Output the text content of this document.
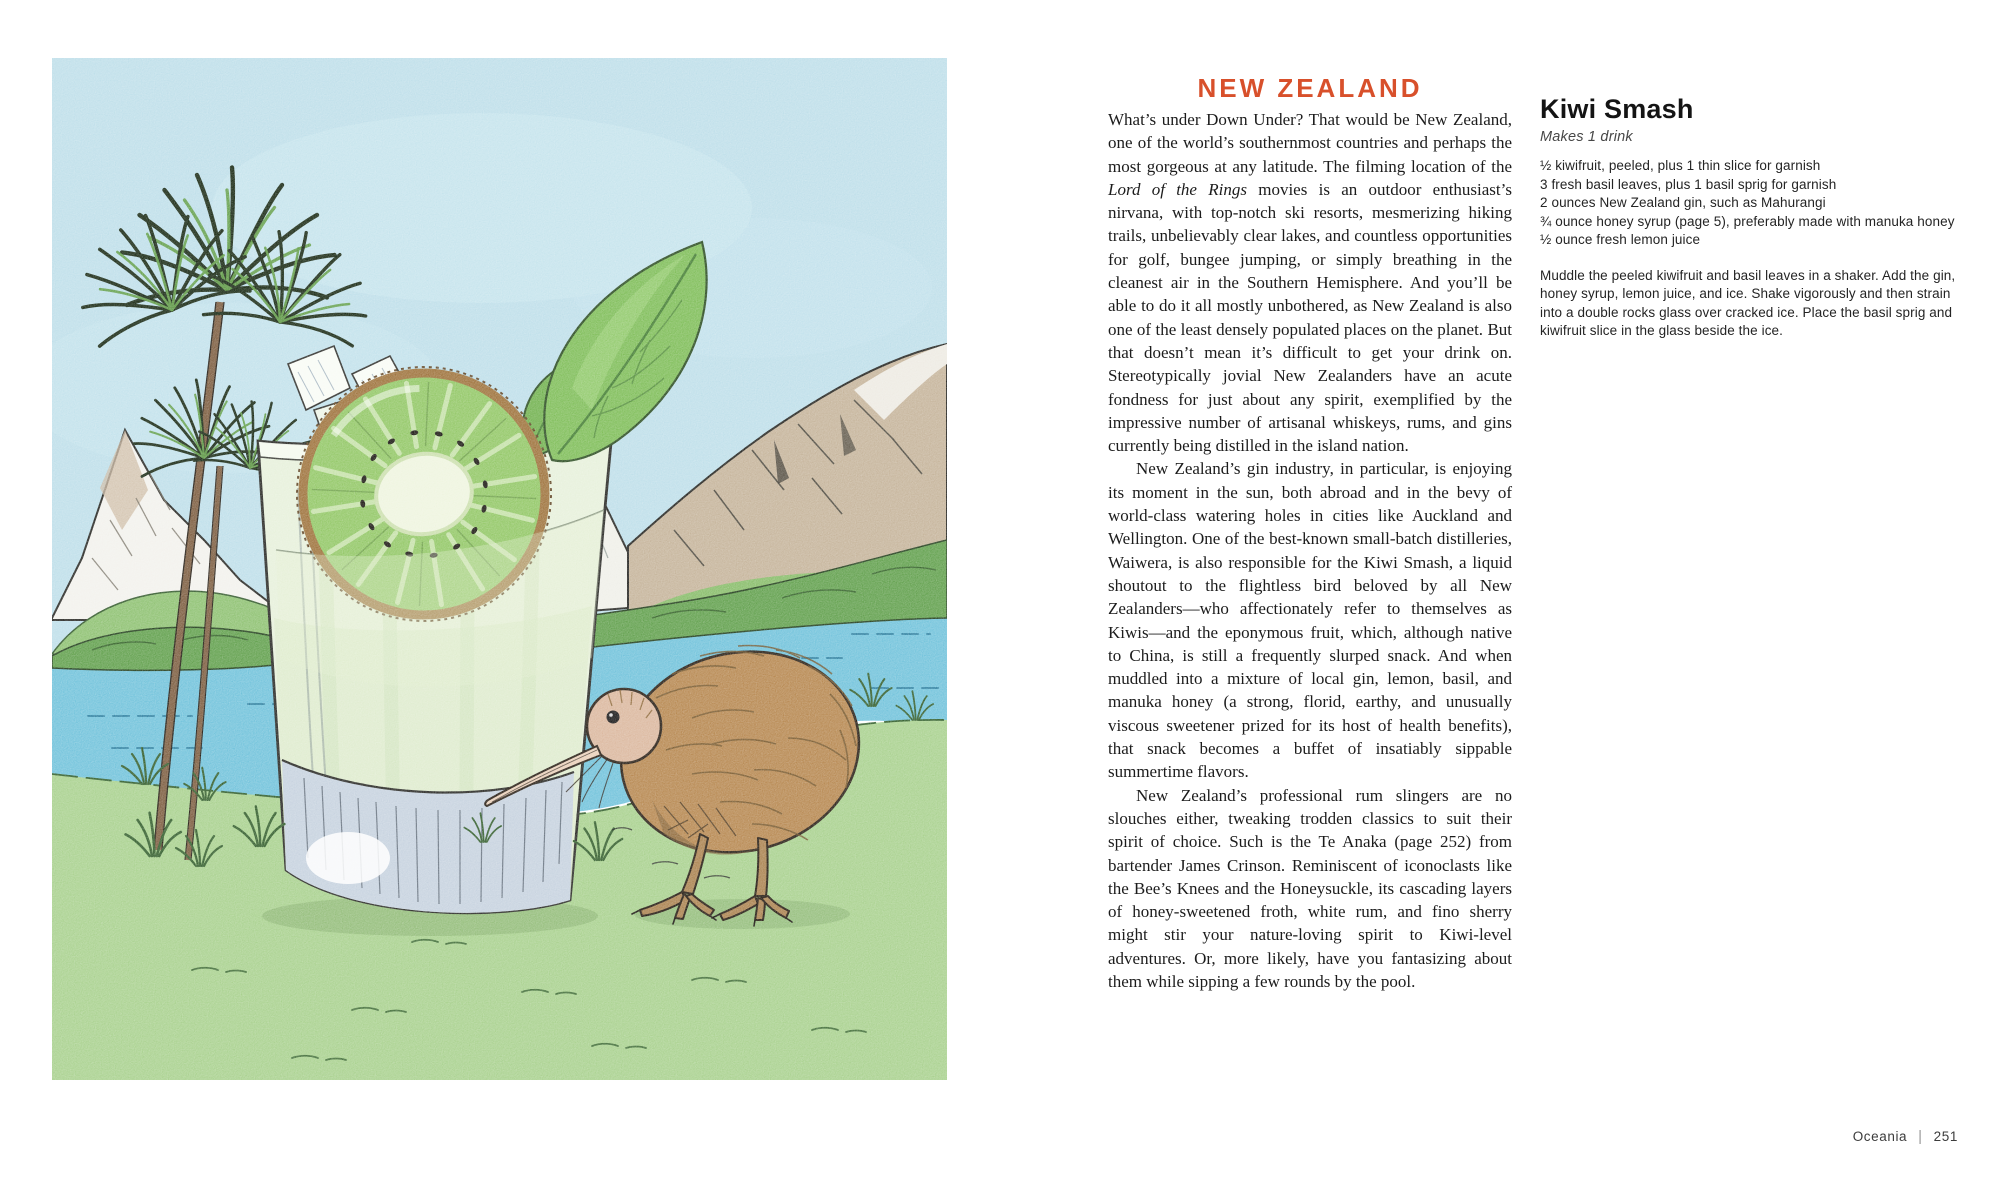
NEW ZEALAND

What’s under Down Under? That would be New Zealand, one of the world’s southernmost countries and perhaps the most gorgeous at any latitude. The filming location of the Lord of the Rings movies is an outdoor enthusiast’s nirvana, with top-notch ski resorts, mesmerizing hiking trails, unbelievably clear lakes, and countless opportunities for golf, bungee jumping, or simply breathing in the cleanest air in the Southern Hemisphere. And you’ll be able to do it all mostly unbothered, as New Zealand is also one of the least densely populated places on the planet. But that doesn’t mean it’s difficult to get your drink on. Stereotypically jovial New Zealanders have an acute fondness for just about any spirit, exemplified by the impressive number of artisanal whiskeys, rums, and gins currently being distilled in the island nation.

New Zealand’s gin industry, in particular, is enjoying its moment in the sun, both abroad and in the bevy of world-class watering holes in cities like Auckland and Wellington. One of the best-known small-batch distilleries, Waiwera, is also responsible for the Kiwi Smash, a liquid shoutout to the flightless bird beloved by all New Zealanders—who affectionately refer to themselves as Kiwis—and the eponymous fruit, which, although native to China, is still a frequently slurped snack. And when muddled into a mixture of local gin, lemon, basil, and manuka honey (a strong, florid, earthy, and unusually viscous sweetener prized for its host of health benefits), that snack becomes a buffet of insatiably sippable summertime flavors.

New Zealand’s professional rum slingers are no slouches either, tweaking trodden classics to suit their spirit of choice. Such is the Te Anaka (page 252) from bartender James Crinson. Reminiscent of iconoclasts like the Bee’s Knees and the Honeysuckle, its cascading layers of honey-sweetened froth, white rum, and fino sherry might stir your nature-loving spirit to Kiwi-level adventures. Or, more likely, have you fantasizing about them while sipping a few rounds by the pool.

Kiwi Smash

Makes 1 drink

½ kiwifruit, peeled, plus 1 thin slice for garnish
3 fresh basil leaves, plus 1 basil sprig for garnish
2 ounces New Zealand gin, such as Mahurangi
¾ ounce honey syrup (page 5), preferably made with manuka honey
½ ounce fresh lemon juice

Muddle the peeled kiwifruit and basil leaves in a shaker. Add the gin, honey syrup, lemon juice, and ice. Shake vigorously and then strain into a double rocks glass over cracked ice. Place the basil sprig and kiwifruit slice in the glass beside the ice.

Oceania | 251
